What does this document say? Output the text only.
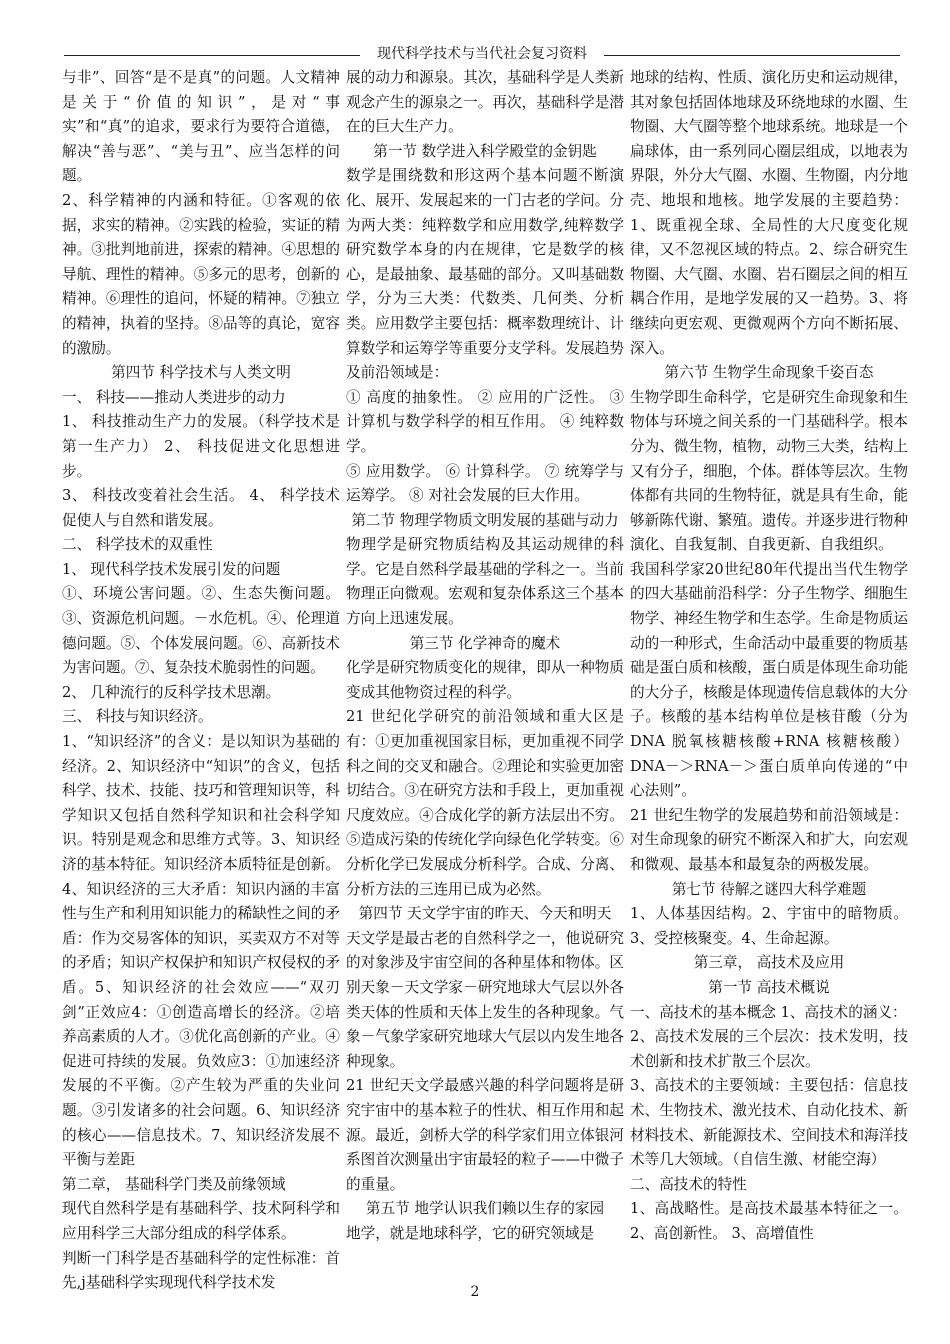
现代科学技术与当代社会复习资料

与非”、回答“是不是真”的问题。人文精神是关于“价值的知识”，是对“事实”和“真”的追求，要求行为要符合道德，解决“善与恶”、“美与丑”、应当怎样的问题。

2、科学精神的内涵和特征。①客观的依据，求实的精神。②实践的检验，实证的精神。③批判地前进，探索的精神。④思想的导航、理性的精神。⑤多元的思考，创新的精神。⑥理性的追问，怀疑的精神。⑦独立的精神，执着的坚持。⑧品等的真论，宽容的激励。

第四节 科学技术与人类文明

一、 科技——推动人类进步的动力

1、 科技推动生产力的发展。（科学技术是第一生产力） 2、 科技促进文化思想进步。

3、 科技改变着社会生活。 4、 科学技术促使人与自然和谐发展。

二、 科学技术的双重性

1、 现代科学技术发展引发的问题

①、环境公害问题。②、生态失衡问题。③、资源危机问题。－水危机。④、伦理道德问题。⑤、个体发展问题。⑥、高新技术为害问题。⑦、复杂技术脆弱性的问题。

2、 几种流行的反科学技术思潮。

三、 科技与知识经济。

1、“知识经济”的含义：是以知识为基础的经济。2、知识经济中“知识”的含义，包括科学、技术、技能、技巧和管理知识等，科学知识又包括自然科学知识和社会科学知识。特别是观念和思维方式等。3、知识经济的基本特征。知识经济本质特征是创新。4、知识经济的三大矛盾：知识内涵的丰富性与生产和利用知识能力的稀缺性之间的矛盾：作为交易客体的知识，买卖双方不对等的矛盾；知识产权保护和知识产权侵权的矛盾。5、知识经济的社会效应——“双刃剑”正效应4：①创造高增长的经济。②培养高素质的人才。③优化高创新的产业。④促进可持续的发展。负效应3：①加速经济发展的不平衡。②产生较为严重的失业问题。③引发诸多的社会问题。6、知识经济的核心——信息技术。7、知识经济发展不平衡与差距

第二章， 基础科学门类及前缘领域

现代自然科学是有基础科学、技术阿科学和应用科学三大部分组成的科学体系。

判断一门科学是否基础科学的定性标准：首先,j基础科学实现现代科学技术发

展的动力和源泉。其次，基础科学是人类新观念产生的源泉之一。再次，基础科学是潜在的巨大生产力。

第一节 数学进入科学殿堂的金钥匙

数学是围绕数和形这两个基本问题不断演化、展开、发展起来的一门古老的学问。分为两大类：纯粹数学和应用数学,纯粹数学研究数学本身的内在规律，它是数学的核心，是最抽象、最基础的部分。又叫基础数学，分为三大类：代数类、几何类、分析类。应用数学主要包括：概率数理统计、计算数学和运筹学等重要分支学科。发展趋势及前沿领域是：

① 高度的抽象性。 ② 应用的广泛性。 ③ 计算机与数学科学的相互作用。 ④ 纯粹数学。

⑤ 应用数学。 ⑥ 计算科学。 ⑦ 统筹学与运筹学。 ⑧ 对社会发展的巨大作用。

第二节 物理学物质文明发展的基础与动力

物理学是研究物质结构及其运动规律的科学。它是自然科学最基础的学科之一。当前物理正向微观。宏观和复杂体系这三个基本方向上迅速发展。

第三节 化学神奇的魔术

化学是研究物质变化的规律，即从一种物质变成其他物资过程的科学。

21 世纪化学研究的前沿领域和重大区是有：①更加重视国家目标，更加重视不同学科之间的交叉和融合。②理论和实验更加密切结合。③在研究方法和手段上，更加重视尺度效应。④合成化学的新方法层出不穷。⑤造成污染的传统化学向绿色化学转变。⑥分析化学已发展成分析科学。合成、分离、分析方法的三连用已成为必然。

第四节 天文学宇宙的昨天、今天和明天

天文学是最古老的自然科学之一，他说研究的对象涉及宇宙空间的各种星体和物体。区别天象－天文学家－研究地球大气层以外各类天体的性质和天体上发生的各种现象。气象－气象学家研究地球大气层以内发生地各种现象。

21 世纪天文学最感兴趣的科学问题将是研究宇宙中的基本粒子的性状、相互作用和起源。最近，剑桥大学的科学家们用立体银河系图首次测量出宇宙最轻的粒子——中微子的重量。

第五节 地学认识我们赖以生存的家园

地学，就是地球科学，它的研究领域是

地球的结构、性质、演化历史和运动规律，其对象包括固体地球及环绕地球的水圈、生物圈、大气圈等整个地球系统。地球是一个扁球体，由一系列同心圈层组成，以地表为界限，外分大气圈、水圈、生物圈，内分地壳、地垠和地核。地学发展的主要趋势：1、既重视全球、全局性的大尺度变化规律，又不忽视区域的特点。2、综合研究生物圈、大气圈、水圈、岩石圈层之间的相互耦合作用，是地学发展的又一趋势。3、将继续向更宏观、更微观两个方向不断拓展、深入。

第六节 生物学生命现象千姿百态

生物学即生命科学，它是研究生命现象和生物体与环境之间关系的一门基础科学。根本分为、微生物，植物，动物三大类，结构上又有分子，细胞，个体。群体等层次。生物体都有共同的生物特征，就是具有生命，能够新陈代谢、繁殖。遗传。并逐步进行物种演化、自我复制、自我更新、自我组织。

我国科学家20世纪80年代提出当代生物学的四大基础前沿科学：分子生物学、细胞生物学、神经生物学和生态学。生命是物质运动的一种形式，生命活动中最重要的物质基础是蛋白质和核酸，蛋白质是体现生命功能的大分子，核酸是体现遗传信息载体的大分子。核酸的基本结构单位是核苷酸（分为 DNA 脱氧核糖核酸+RNA 核糖核酸）DNA－＞RNA－＞蛋白质单向传递的“中心法则”。

21 世纪生物学的发展趋势和前沿领域是：对生命现象的研究不断深入和扩大，向宏观和微观、最基本和最复杂的两极发展。

第七节 待解之谜四大科学难题

1、人体基因结构。2、宇宙中的暗物质。3、受控核聚变。4、生命起源。

第三章， 高技术及应用

第一节 高技术概说

一、高技术的基本概念 1、高技术的涵义：

2、高技术发展的三个层次：技术发明，技术创新和技术扩散三个层次。

3、高技术的主要领域：主要包括：信息技术、生物技术、激光技术、自动化技术、新材料技术、新能源技术、空间技术和海洋技术等几大领域。（自信生激、材能空海）

二、高技术的特性

1、高战略性。是高技术最基本特征之一。 2、高创新性。 3、高增值性

2
